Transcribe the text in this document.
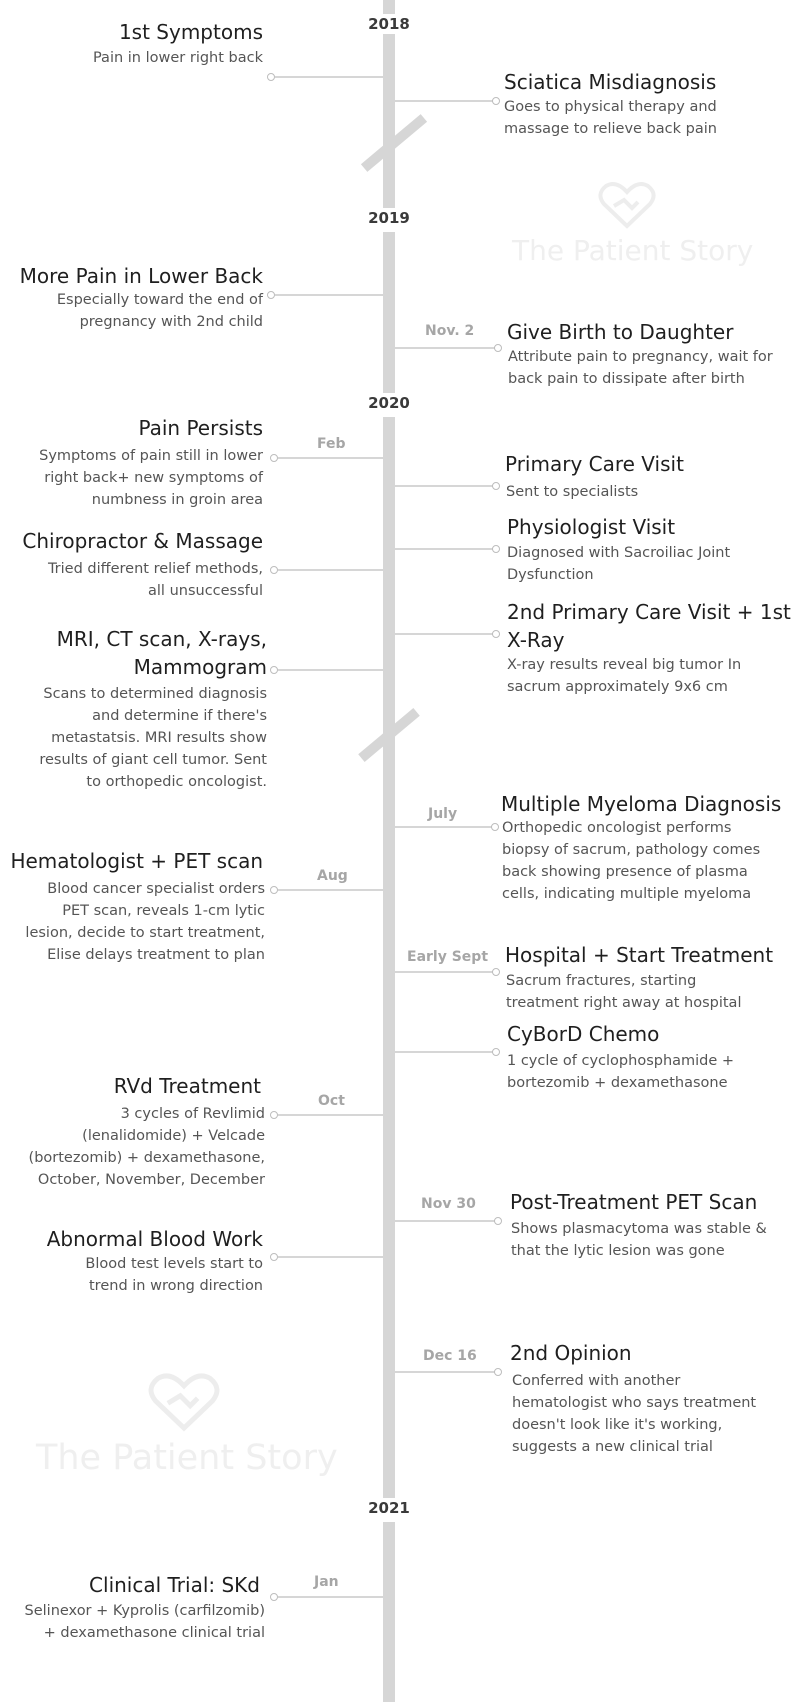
2018
2019
2020
2021
The Patient Story
The Patient Story
1st Symptoms
Pain in lower right back
Sciatica Misdiagnosis
Goes to physical therapy and
massage to relieve back pain
More Pain in Lower Back
Especially toward the end of
pregnancy with 2nd child
Nov. 2 Give Birth to Daughter
Attribute pain to pregnancy, wait for
back pain to dissipate after birth
Pain Persists
Feb
Symptoms of pain still in lower
right back+ new symptoms of
numbness in groin area
Primary Care Visit
Sent to specialists
Chiropractor & Massage
Tried different relief methods,
all unsuccessful
Physiologist Visit
Diagnosed with Sacroiliac Joint
Dysfunction
MRI, CT scan, X-rays,
Mammogram
Scans to determined diagnosis
and determine if there's
metastatsis. MRI results show
results of giant cell tumor. Sent
to orthopedic oncologist.
2nd Primary Care Visit + 1st
X-Ray
X-ray results reveal big tumor In
sacrum approximately 9x6 cm
July Multiple Myeloma Diagnosis
Orthopedic oncologist performs
biopsy of sacrum, pathology comes
back showing presence of plasma
cells, indicating multiple myeloma
Hematologist + PET scan
Aug
Blood cancer specialist orders
PET scan, reveals 1-cm lytic
lesion, decide to start treatment,
Elise delays treatment to plan	Early Sept Hospital + Start Treatment
Sacrum fractures, starting
treatment right away at hospital
CyBorD Chemo
1 cycle of cyclophosphamide +
bortezomib + dexamethasone
RVd Treatment
Oct
3 cycles of Revlimid
(lenalidomide) + Velcade
(bortezomib) + dexamethasone,
October, November, December
Nov 30 Post-Treatment PET Scan
Shows plasmacytoma was stable &
that the lytic lesion was gone
Abnormal Blood Work
Blood test levels start to
trend in wrong direction
Dec 16 2nd Opinion
Conferred with another
hematologist who says treatment
doesn't look like it's working,
suggests a new clinical trial
Clinical Trial: SKd	Jan
Selinexor + Kyprolis (carfilzomib)
+ dexamethasone clinical trial
